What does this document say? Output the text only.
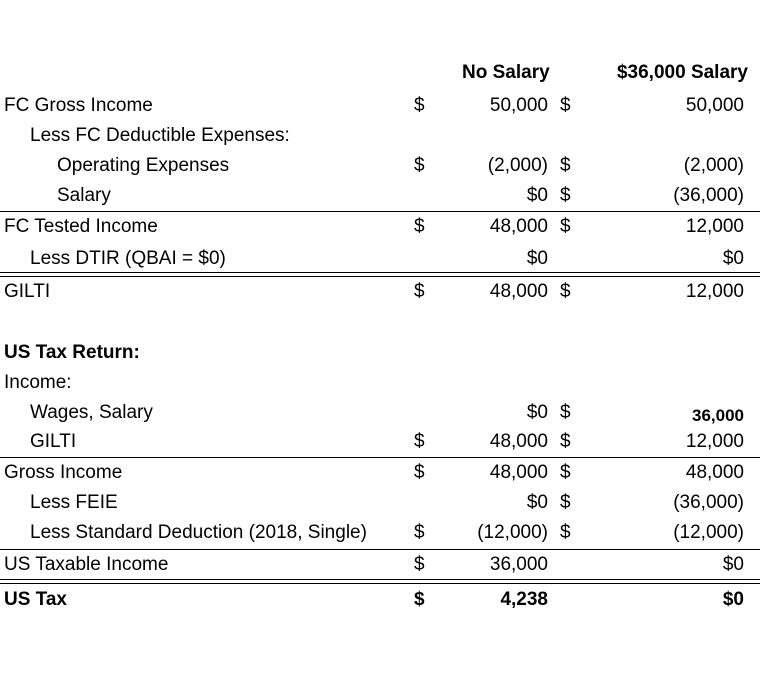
No Salary	$36,000 Salary
FC Gross Income	$	50,000 $	50,000
Less FC Deductible Expenses:
Operating Expenses	$	(2,000) $	(2,000)
Salary	$0 $	(36,000)
FC Tested Income	$	48,000 $	12,000
Less DTIR (QBAI = $0)	$0	$0
GILTI	$	48,000 $	12,000
US Tax Return:
Income:
Wages, Salary	$0 $	36,000
GILTI	$	48,000 $	12,000
Gross Income	$	48,000 $	48,000
Less FEIE	$0 $	(36,000)
Less Standard Deduction (2018, Single) $	(12,000) $	(12,000)
US Taxable Income	$	36,000	$0
US Tax	$	4,238	$0
